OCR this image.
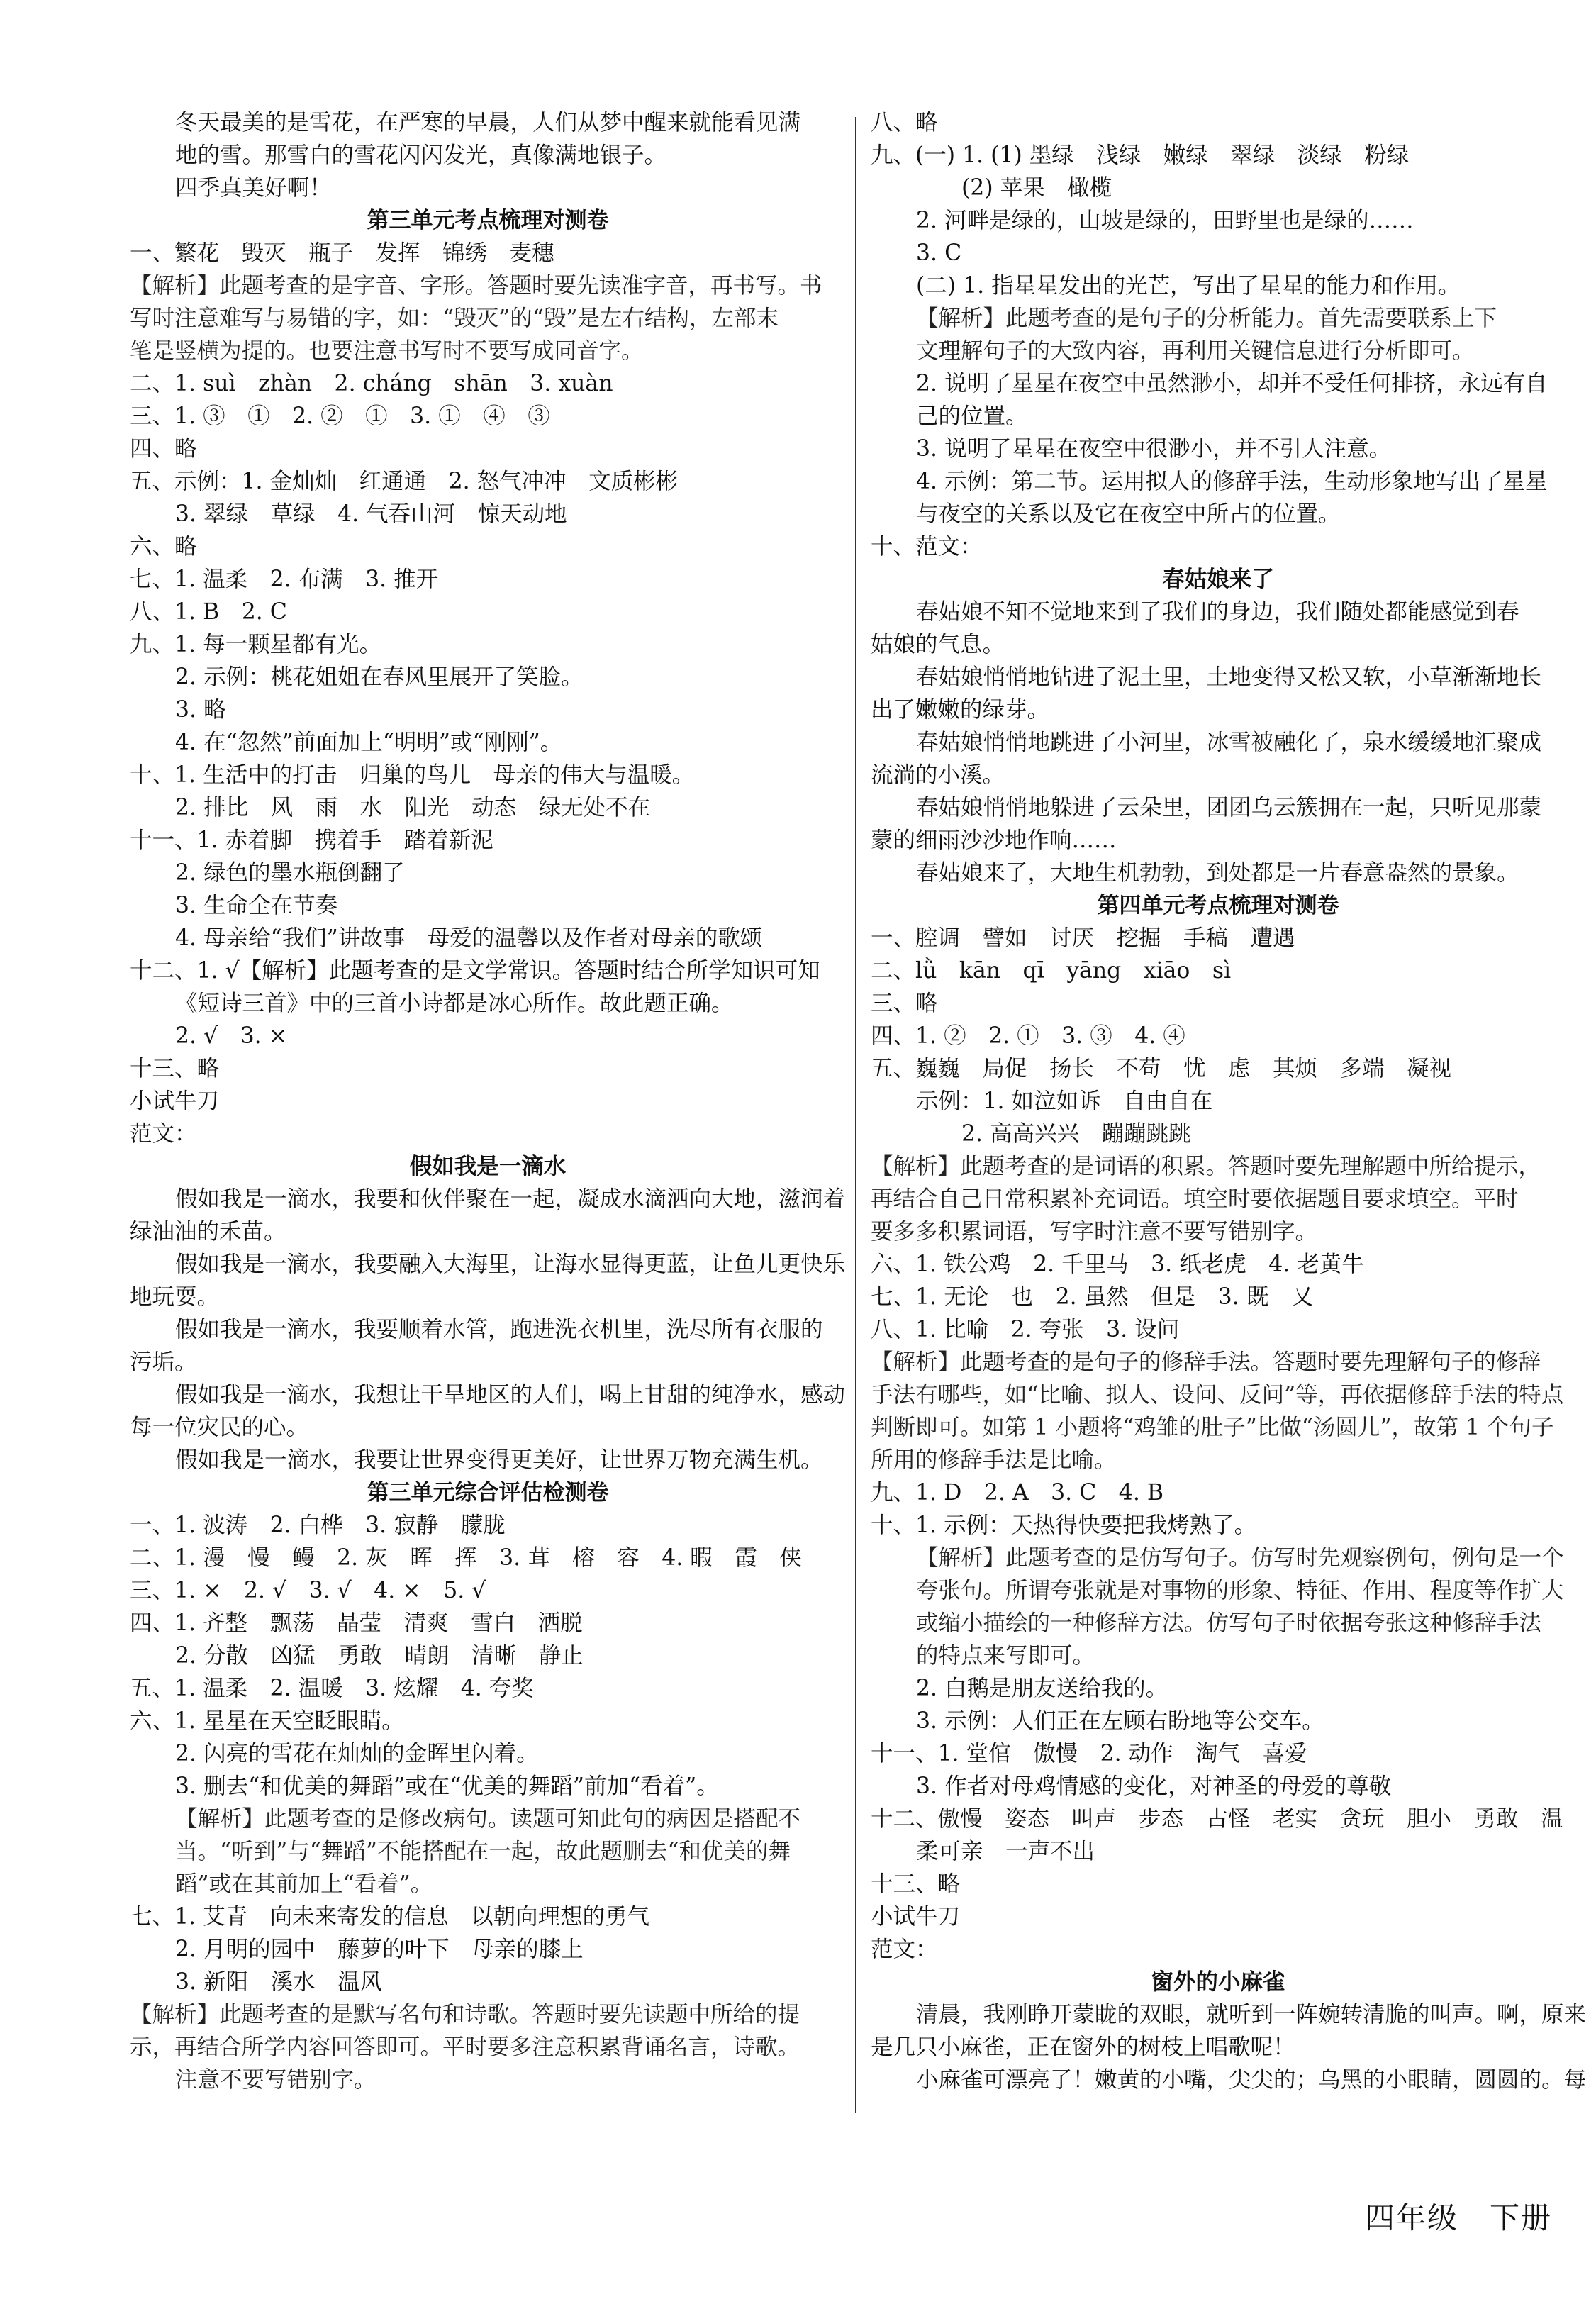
冬天最美的是雪花，在严寒的早晨，人们从梦中醒来就能看见满
地的雪。那雪白的雪花闪闪发光，真像满地银子。
四季真美好啊！
第三单元考点梳理对测卷
一、繁花　毁灭　瓶子　发挥　锦绣　麦穗
【解析】此题考查的是字音、字形。答题时要先读准字音，再书写。书
写时注意难写与易错的字，如：“毁灭”的“毁”是左右结构，左部末
笔是竖横为提的。也要注意书写时不要写成同音字。
二、1. suì　zhàn　2. cháng　shān　3. xuàn
三、1. ③　①　2. ②　①　3. ①　④　③
四、略
五、示例：1. 金灿灿　红通通　2. 怒气冲冲　文质彬彬
3. 翠绿　草绿　4. 气吞山河　惊天动地
六、略
七、1. 温柔　2. 布满　3. 推开
八、1. B　2. C
九、1. 每一颗星都有光。
2. 示例：桃花姐姐在春风里展开了笑脸。
3. 略
4. 在“忽然”前面加上“明明”或“刚刚”。
十、1. 生活中的打击　归巢的鸟儿　母亲的伟大与温暖。
2. 排比　风　雨　水　阳光　动态　绿无处不在
十一、1. 赤着脚　携着手　踏着新泥
2. 绿色的墨水瓶倒翻了
3. 生命全在节奏
4. 母亲给“我们”讲故事　母爱的温馨以及作者对母亲的歌颂
十二、1. √【解析】此题考查的是文学常识。答题时结合所学知识可知
《短诗三首》中的三首小诗都是冰心所作。故此题正确。
2. √　3. ×
十三、略
小试牛刀
范文：
假如我是一滴水
假如我是一滴水，我要和伙伴聚在一起，凝成水滴洒向大地，滋润着
绿油油的禾苗。
假如我是一滴水，我要融入大海里，让海水显得更蓝，让鱼儿更快乐
地玩耍。
假如我是一滴水，我要顺着水管，跑进洗衣机里，洗尽所有衣服的
污垢。
假如我是一滴水，我想让干旱地区的人们，喝上甘甜的纯净水，感动
每一位灾民的心。
假如我是一滴水，我要让世界变得更美好，让世界万物充满生机。
第三单元综合评估检测卷
一、1. 波涛　2. 白桦　3. 寂静　朦胧
二、1. 漫　慢　鳗　2. 灰　晖　挥　3. 茸　榕　容　4. 暇　霞　侠
三、1. ×　2. √　3. √　4. ×　5. √
四、1. 齐整　飘荡　晶莹　清爽　雪白　洒脱
2. 分散　凶猛　勇敢　晴朗　清晰　静止
五、1. 温柔　2. 温暖　3. 炫耀　4. 夸奖
六、1. 星星在天空眨眼睛。
2. 闪亮的雪花在灿灿的金晖里闪着。
3. 删去“和优美的舞蹈”或在“优美的舞蹈”前加“看着”。
【解析】此题考查的是修改病句。读题可知此句的病因是搭配不
当。“听到”与“舞蹈”不能搭配在一起，故此题删去“和优美的舞
蹈”或在其前加上“看着”。
七、1. 艾青　向未来寄发的信息　以朝向理想的勇气
2. 月明的园中　藤萝的叶下　母亲的膝上
3. 新阳　溪水　温风
【解析】此题考查的是默写名句和诗歌。答题时要先读题中所给的提
示，再结合所学内容回答即可。平时要多注意积累背诵名言，诗歌。
注意不要写错别字。
八、略
九、(一) 1. (1) 墨绿　浅绿　嫩绿　翠绿　淡绿　粉绿
(2) 苹果　橄榄
2. 河畔是绿的，山坡是绿的，田野里也是绿的……
3. C
(二) 1. 指星星发出的光芒，写出了星星的能力和作用。
【解析】此题考查的是句子的分析能力。首先需要联系上下
文理解句子的大致内容，再利用关键信息进行分析即可。
2. 说明了星星在夜空中虽然渺小，却并不受任何排挤，永远有自
己的位置。
3. 说明了星星在夜空中很渺小，并不引人注意。
4. 示例：第二节。运用拟人的修辞手法，生动形象地写出了星星
与夜空的关系以及它在夜空中所占的位置。
十、范文：
春姑娘来了
春姑娘不知不觉地来到了我们的身边，我们随处都能感觉到春
姑娘的气息。
春姑娘悄悄地钻进了泥土里，土地变得又松又软，小草渐渐地长
出了嫩嫩的绿芽。
春姑娘悄悄地跳进了小河里，冰雪被融化了，泉水缓缓地汇聚成
流淌的小溪。
春姑娘悄悄地躲进了云朵里，团团乌云簇拥在一起，只听见那蒙
蒙的细雨沙沙地作响……
春姑娘来了，大地生机勃勃，到处都是一片春意盎然的景象。
第四单元考点梳理对测卷
一、腔调　譬如　讨厌　挖掘　手稿　遭遇
二、lǜ　kān　qī　yāng　xiāo　sì
三、略
四、1. ②　2. ①　3. ③　4. ④
五、巍巍　局促　扬长　不苟　忧　虑　其烦　多端　凝视
示例：1. 如泣如诉　自由自在
2. 高高兴兴　蹦蹦跳跳
【解析】此题考查的是词语的积累。答题时要先理解题中所给提示，
再结合自己日常积累补充词语。填空时要依据题目要求填空。平时
要多多积累词语，写字时注意不要写错别字。
六、1. 铁公鸡　2. 千里马　3. 纸老虎　4. 老黄牛
七、1. 无论　也　2. 虽然　但是　3. 既　又
八、1. 比喻　2. 夸张　3. 设问
【解析】此题考查的是句子的修辞手法。答题时要先理解句子的修辞
手法有哪些，如“比喻、拟人、设问、反问”等，再依据修辞手法的特点
判断即可。如第 1 小题将“鸡雏的肚子”比做“汤圆儿”，故第 1 个句子
所用的修辞手法是比喻。
九、1. D　2. A　3. C　4. B
十、1. 示例：天热得快要把我烤熟了。
【解析】此题考查的是仿写句子。仿写时先观察例句，例句是一个
夸张句。所谓夸张就是对事物的形象、特征、作用、程度等作扩大
或缩小描绘的一种修辞方法。仿写句子时依据夸张这种修辞手法
的特点来写即可。
2. 白鹅是朋友送给我的。
3. 示例：人们正在左顾右盼地等公交车。
十一、1. 堂倌　傲慢　2. 动作　淘气　喜爱
3. 作者对母鸡情感的变化，对神圣的母爱的尊敬
十二、傲慢　姿态　叫声　步态　古怪　老实　贪玩　胆小　勇敢　温
柔可亲　一声不出
十三、略
小试牛刀
范文：
窗外的小麻雀
清晨，我刚睁开蒙眬的双眼，就听到一阵婉转清脆的叫声。啊，原来
是几只小麻雀，正在窗外的树枝上唱歌呢！
小麻雀可漂亮了！嫩黄的小嘴，尖尖的；乌黑的小眼睛，圆圆的。每
四年级 下册
